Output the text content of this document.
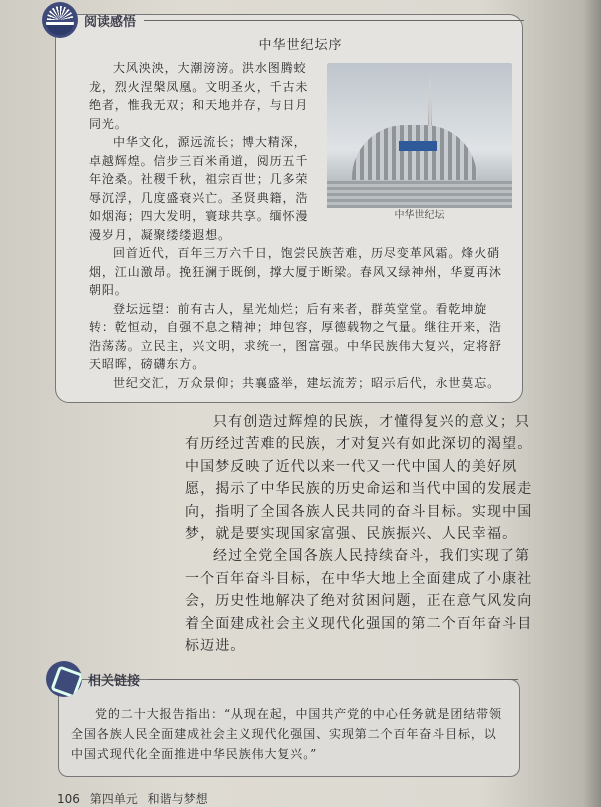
阅读感悟
中华世纪坛序
中华世纪坛

大风泱泱，大潮滂滂。洪水图腾蛟龙，烈火涅槃凤凰。文明圣火，千古未绝者，惟我无双；和天地并存，与日月同光。

中华文化，源远流长；博大精深，卓越辉煌。信步三百米甬道，阅历五千年沧桑。社稷千秋，祖宗百世；几多荣辱沉浮，几度盛衰兴亡。圣贤典籍，浩如烟海；四大发明，寰球共享。缅怀漫漫岁月，凝聚缕缕遐想。

回首近代，百年三万六千日，饱尝民族苦难，历尽变革风霜。烽火硝烟，江山激昂。挽狂澜于既倒，撑大厦于断梁。春风又绿神州，华夏再沐朝阳。

登坛远望：前有古人，星光灿烂；后有来者，群英堂堂。看乾坤旋转：乾恒动，自强不息之精神；坤包容，厚德载物之气量。继往开来，浩浩荡荡。立民主，兴文明，求统一，图富强。中华民族伟大复兴，定将舒天昭晖，磅礴东方。

世纪交汇，万众景仰；共襄盛举，建坛流芳；昭示后代，永世莫忘。

只有创造过辉煌的民族，才懂得复兴的意义；只有历经过苦难的民族，才对复兴有如此深切的渴望。中国梦反映了近代以来一代又一代中国人的美好夙愿，揭示了中华民族的历史命运和当代中国的发展走向，指明了全国各族人民共同的奋斗目标。实现中国梦，就是要实现国家富强、民族振兴、人民幸福。

经过全党全国各族人民持续奋斗，我们实现了第一个百年奋斗目标，在中华大地上全面建成了小康社会，历史性地解决了绝对贫困问题，正在意气风发向着全面建成社会主义现代化强国的第二个百年奋斗目标迈进。

相关链接

党的二十大报告指出：“从现在起，中国共产党的中心任务就是团结带领全国各族人民全面建成社会主义现代化强国、实现第二个百年奋斗目标，以中国式现代化全面推进中华民族伟大复兴。”

106 第四单元 和谐与梦想
